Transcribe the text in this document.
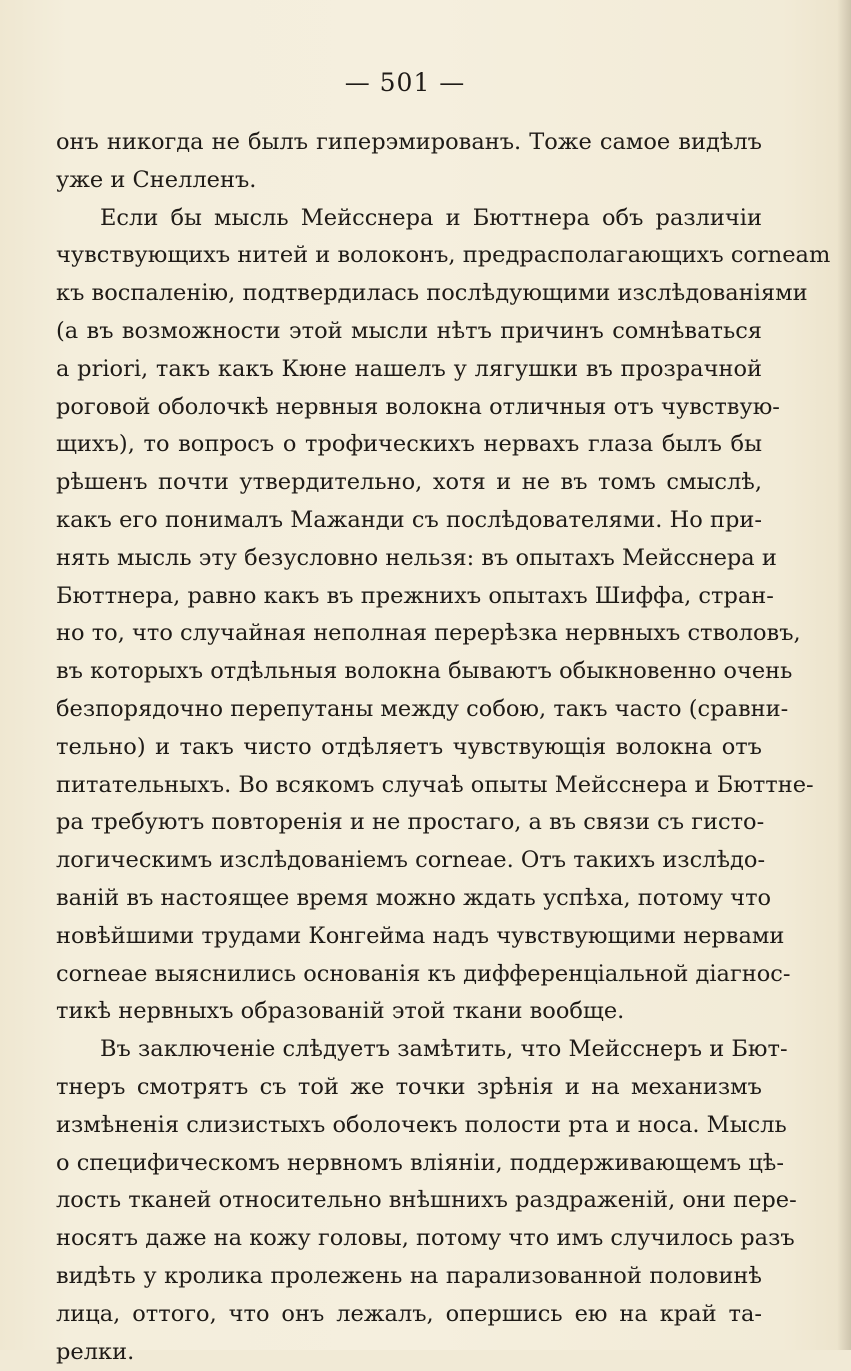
— 501 —
онъ никогда не былъ гиперэмированъ. Тоже самое видѣлъ
уже и Снелленъ.
Если бы мысль Мейсснера и Бюттнера объ различіи
чувствующихъ нитей и волоконъ, предрасполагающихъ corneam
къ воспаленію, подтвердилась послѣдующими изслѣдованіями
(а въ возможности этой мысли нѣтъ причинъ сомнѣваться
a priori, такъ какъ Кюне нашелъ у лягушки въ прозрачной
роговой оболочкѣ нервныя волокна отличныя отъ чувствую-
щихъ), то вопросъ о трофическихъ нервахъ глаза былъ бы
рѣшенъ почти утвердительно, хотя и не въ томъ смыслѣ,
какъ его понималъ Мажанди съ послѣдователями. Но при-
нять мысль эту безусловно нельзя: въ опытахъ Мейсснера и
Бюттнера, равно какъ въ прежнихъ опытахъ Шиффа, стран-
но то, что случайная неполная перерѣзка нервныхъ стволовъ,
въ которыхъ отдѣльныя волокна бываютъ обыкновенно очень
безпорядочно перепутаны между собою, такъ часто (сравни-
тельно) и такъ чисто отдѣляетъ чувствующія волокна отъ
питательныхъ. Во всякомъ случаѣ опыты Мейсснера и Бюттне-
ра требуютъ повторенія и не простаго, а въ связи съ гисто-
логическимъ изслѣдованіемъ corneae. Отъ такихъ изслѣдо-
ваній въ настоящее время можно ждать успѣха, потому что
новѣйшими трудами Конгейма надъ чувствующими нервами
corneae выяснились основанія къ дифференціальной діагнос-
тикѣ нервныхъ образованій этой ткани вообще.
Въ заключеніе слѣдуетъ замѣтить, что Мейсснеръ и Бют-
тнеръ смотрятъ съ той же точки зрѣнія и на механизмъ
измѣненія слизистыхъ оболочекъ полости рта и носа. Мысль
о специфическомъ нервномъ вліяніи, поддерживающемъ цѣ-
лость тканей относительно внѣшнихъ раздраженій, они пере-
носятъ даже на кожу головы, потому что имъ случилось разъ
видѣть у кролика пролежень на парализованной половинѣ
лица, оттого, что онъ лежалъ, опершись ею на край та-
релки.
